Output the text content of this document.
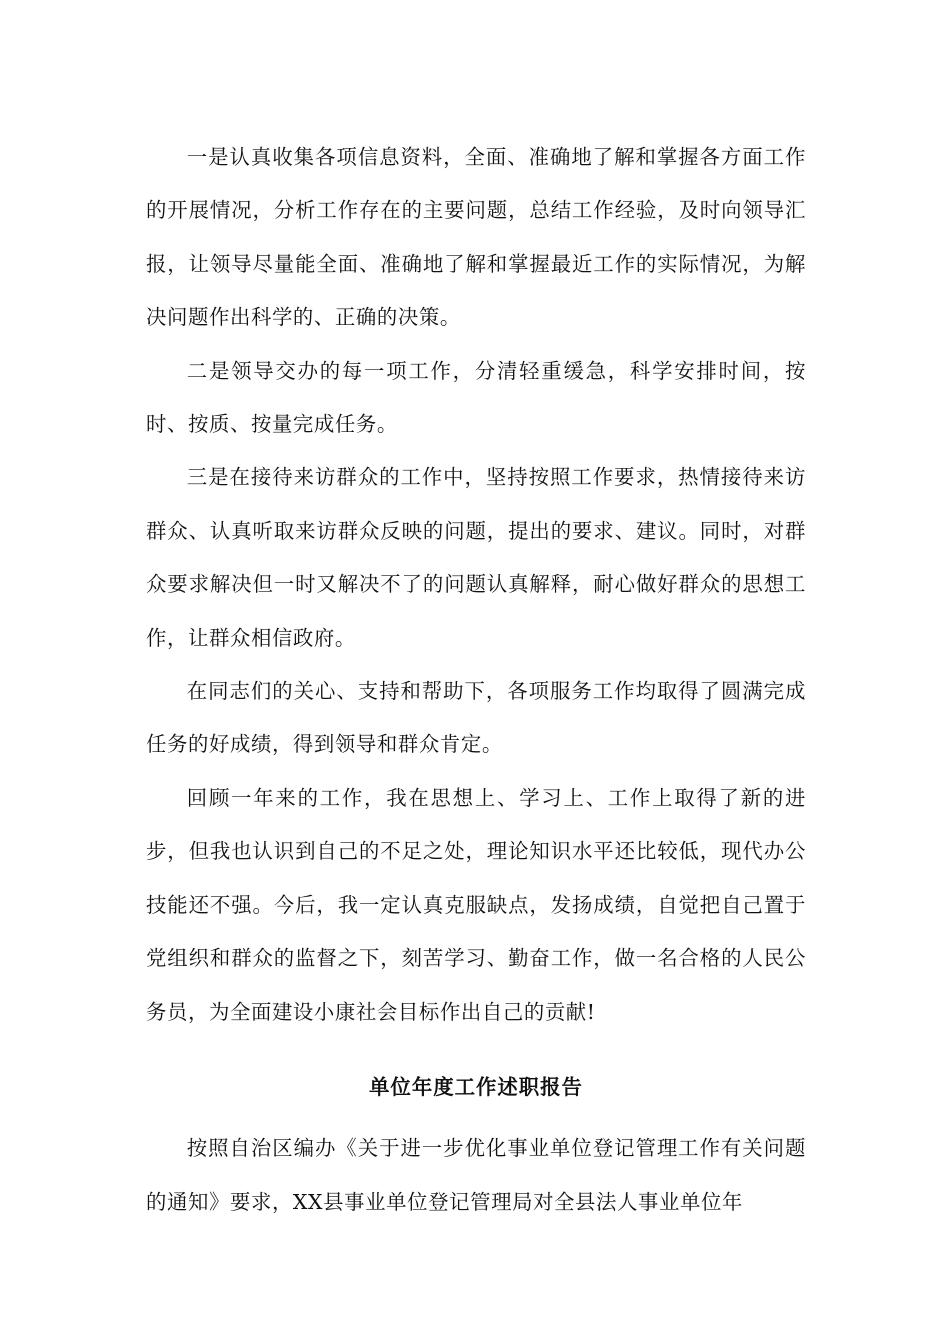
一是认真收集各项信息资料，全面、准确地了解和掌握各方面工作的开展情况，分析工作存在的主要问题，总结工作经验，及时向领导汇报，让领导尽量能全面、准确地了解和掌握最近工作的实际情况，为解决问题作出科学的、正确的决策。

二是领导交办的每一项工作，分清轻重缓急，科学安排时间，按时、按质、按量完成任务。

三是在接待来访群众的工作中，坚持按照工作要求，热情接待来访群众、认真听取来访群众反映的问题，提出的要求、建议。同时，对群众要求解决但一时又解决不了的问题认真解释，耐心做好群众的思想工作，让群众相信政府。

在同志们的关心、支持和帮助下，各项服务工作均取得了圆满完成任务的好成绩，得到领导和群众肯定。

回顾一年来的工作，我在思想上、学习上、工作上取得了新的进步，但我也认识到自己的不足之处，理论知识水平还比较低，现代办公技能还不强。今后，我一定认真克服缺点，发扬成绩，自觉把自己置于党组织和群众的监督之下，刻苦学习、勤奋工作，做一名合格的人民公务员，为全面建设小康社会目标作出自己的贡献!

单位年度工作述职报告

按照自治区编办《关于进一步优化事业单位登记管理工作有关问题的通知》要求，XX县事业单位登记管理局对全县法人事业单位年
